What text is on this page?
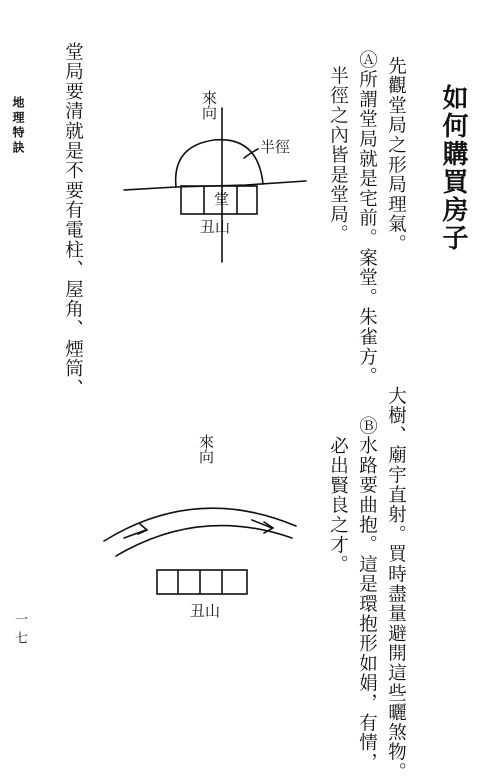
地理特訣
一七
如何購買房子
先觀堂局之形局理氣。
Ⓐ所謂堂局就是宅前。案堂。朱雀方。
半徑之內皆是堂局。
堂局要清就是不要有電柱、屋角、煙筒、
大樹、廟宇直射。買時盡量避開這些曬煞物。
Ⓑ水路要曲抱。這是環抱形如娟，有情，
必出賢良之才。
來向
半徑
堂
丑山
來向
丑山
